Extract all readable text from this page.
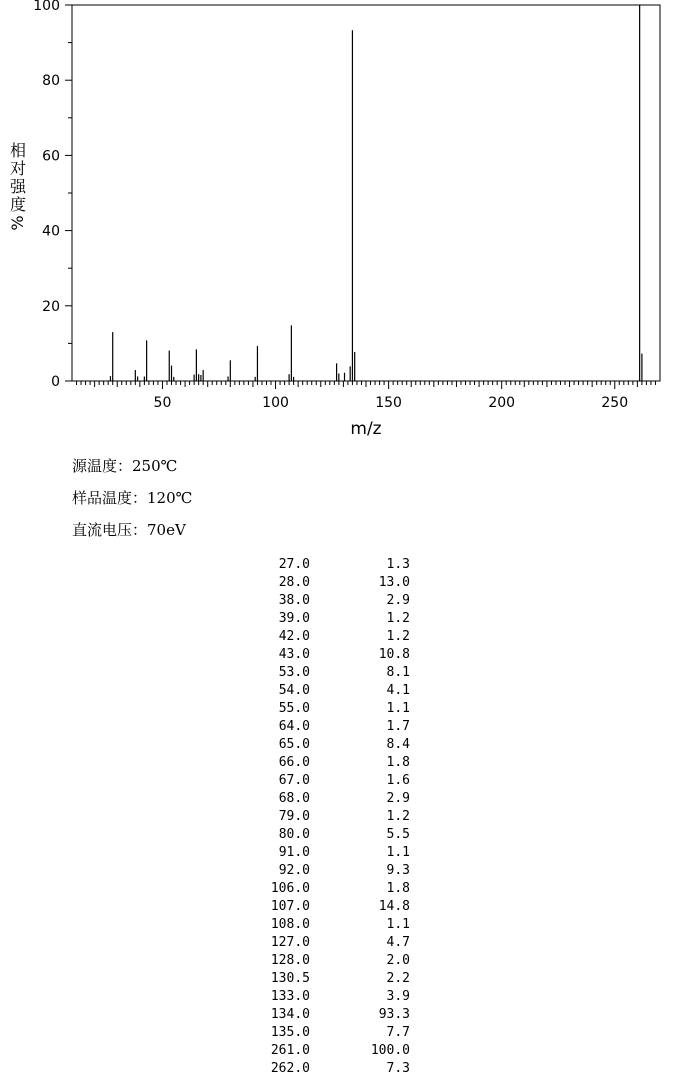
0
20
40
60
80
100
50	100	150	200	250
m/z
相
对
强
度
%
源温度：250℃
样品温度：120℃
直流电压：70eV
27.0	1.3
28.0	13.0
38.0	2.9
39.0	1.2
42.0	1.2
43.0	10.8
53.0	8.1
54.0	4.1
55.0	1.1
64.0	1.7
65.0	8.4
66.0	1.8
67.0	1.6
68.0	2.9
79.0	1.2
80.0	5.5
91.0	1.1
92.0	9.3
106.0	1.8
107.0	14.8
108.0	1.1
127.0	4.7
128.0	2.0
130.5	2.2
133.0	3.9
134.0	93.3
135.0	7.7
261.0	100.0
262.0	7.3
